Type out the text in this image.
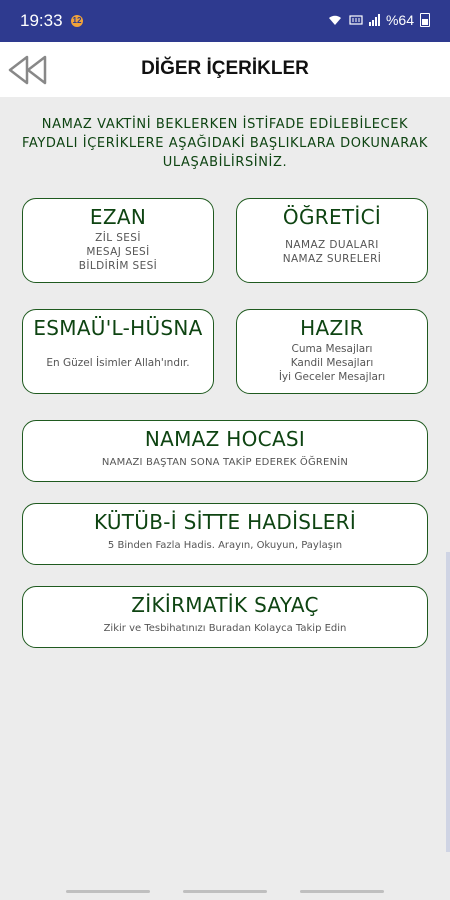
19:33 12	%64
DİĞER İÇERİKLER
NAMAZ VAKTİNİ BEKLERKEN İSTİFADE EDİLEBİLECEK FAYDALI İÇERİKLERE AŞAĞIDAKİ BAŞLIKLARA DOKUNARAK ULAŞABİLİRSİNİZ.
EZAN
ZİL SESİ
MESAJ SESİ
BİLDİRİM SESİ
ÖĞRETİCİ
NAMAZ DUALARI
NAMAZ SURELERİ
ESMAÜ'L-HÜSNA
En Güzel İsimler Allah'ındır.
HAZIR
Cuma Mesajları
Kandil Mesajları
İyi Geceler Mesajları
NAMAZ HOCASI
NAMAZI BAŞTAN SONA TAKİP EDEREK ÖĞRENİN
KÜTÜB-İ SİTTE HADİSLERİ
5 Binden Fazla Hadis. Arayın, Okuyun, Paylaşın
ZİKİRMATİK SAYAÇ
Zikir ve Tesbihatınızı Buradan Kolayca Takip Edin
